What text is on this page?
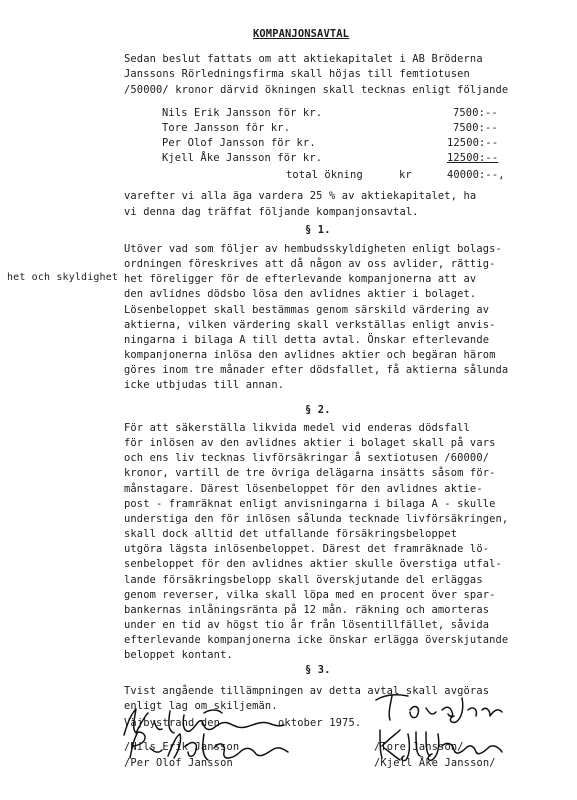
KOMPANJONSAVTAL
Sedan beslut fattats om att aktiekapitalet i AB Bröderna
Janssons Rörledningsfirma skall höjas till femtiotusen
/50000/ kronor därvid ökningen skall tecknas enligt följande
Nils Erik Jansson för kr.	7500:--
Tore Jansson för kr.	7500:--
Per Olof Jansson för kr.	12500:--
Kjell Åke Jansson för kr.	12500:--
total ökning	kr	40000:--,
varefter vi alla äga vardera 25 % av aktiekapitalet, ha
vi denna dag träffat följande kompanjonsavtal.
§ 1.
Utöver vad som följer av hembudsskyldigheten enligt bolags-
ordningen föreskrives att då någon av oss avlider, rättig-
het och skyldighet het föreligger för de efterlevande kompanjonerna att av
den avlidnes dödsbo lösa den avlidnes aktier i bolaget.
Lösenbeloppet skall bestämmas genom särskild värdering av
aktierna, vilken värdering skall verkställas enligt anvis-
ningarna i bilaga A till detta avtal. Önskar efterlevande
kompanjonerna inlösa den avlidnes aktier och begäran härom
göres inom tre månader efter dödsfallet, få aktierna sålunda
icke utbjudas till annan.
§ 2.
För att säkerställa likvida medel vid enderas dödsfall
för inlösen av den avlidnes aktier i bolaget skall på vars
och ens liv tecknas livförsäkringar å sextiotusen /60000/
kronor, vartill de tre övriga delägarna insätts såsom för-
månstagare. Därest lösenbeloppet för den avlidnes aktie-
post - framräknat enligt anvisningarna i bilaga A - skulle
understiga den för inlösen sålunda tecknade livförsäkringen,
skall dock alltid det utfallande försäkringsbeloppet
utgöra lägsta inlösenbeloppet. Därest det framräknade lö-
senbeloppet för den avlidnes aktier skulle överstiga utfal-
lande försäkringsbelopp skall överskjutande del erläggas
genom reverser, vilka skall löpa med en procent över spar-
bankernas inlåningsränta på 12 mån. räkning och amorteras
under en tid av högst tio år från lösentillfället, såvida
efterlevande kompanjonerna icke önskar erlägga överskjutande
beloppet kontant.
§ 3.
Tvist angående tillämpningen av detta avtal skall avgöras
enligt lag om skiljemän.
Väjbystrand den	oktober 1975.
/Nils Erik Jansson
/Per Olof Jansson
/Tore Jansson/
/Kjell Åke Jansson/
